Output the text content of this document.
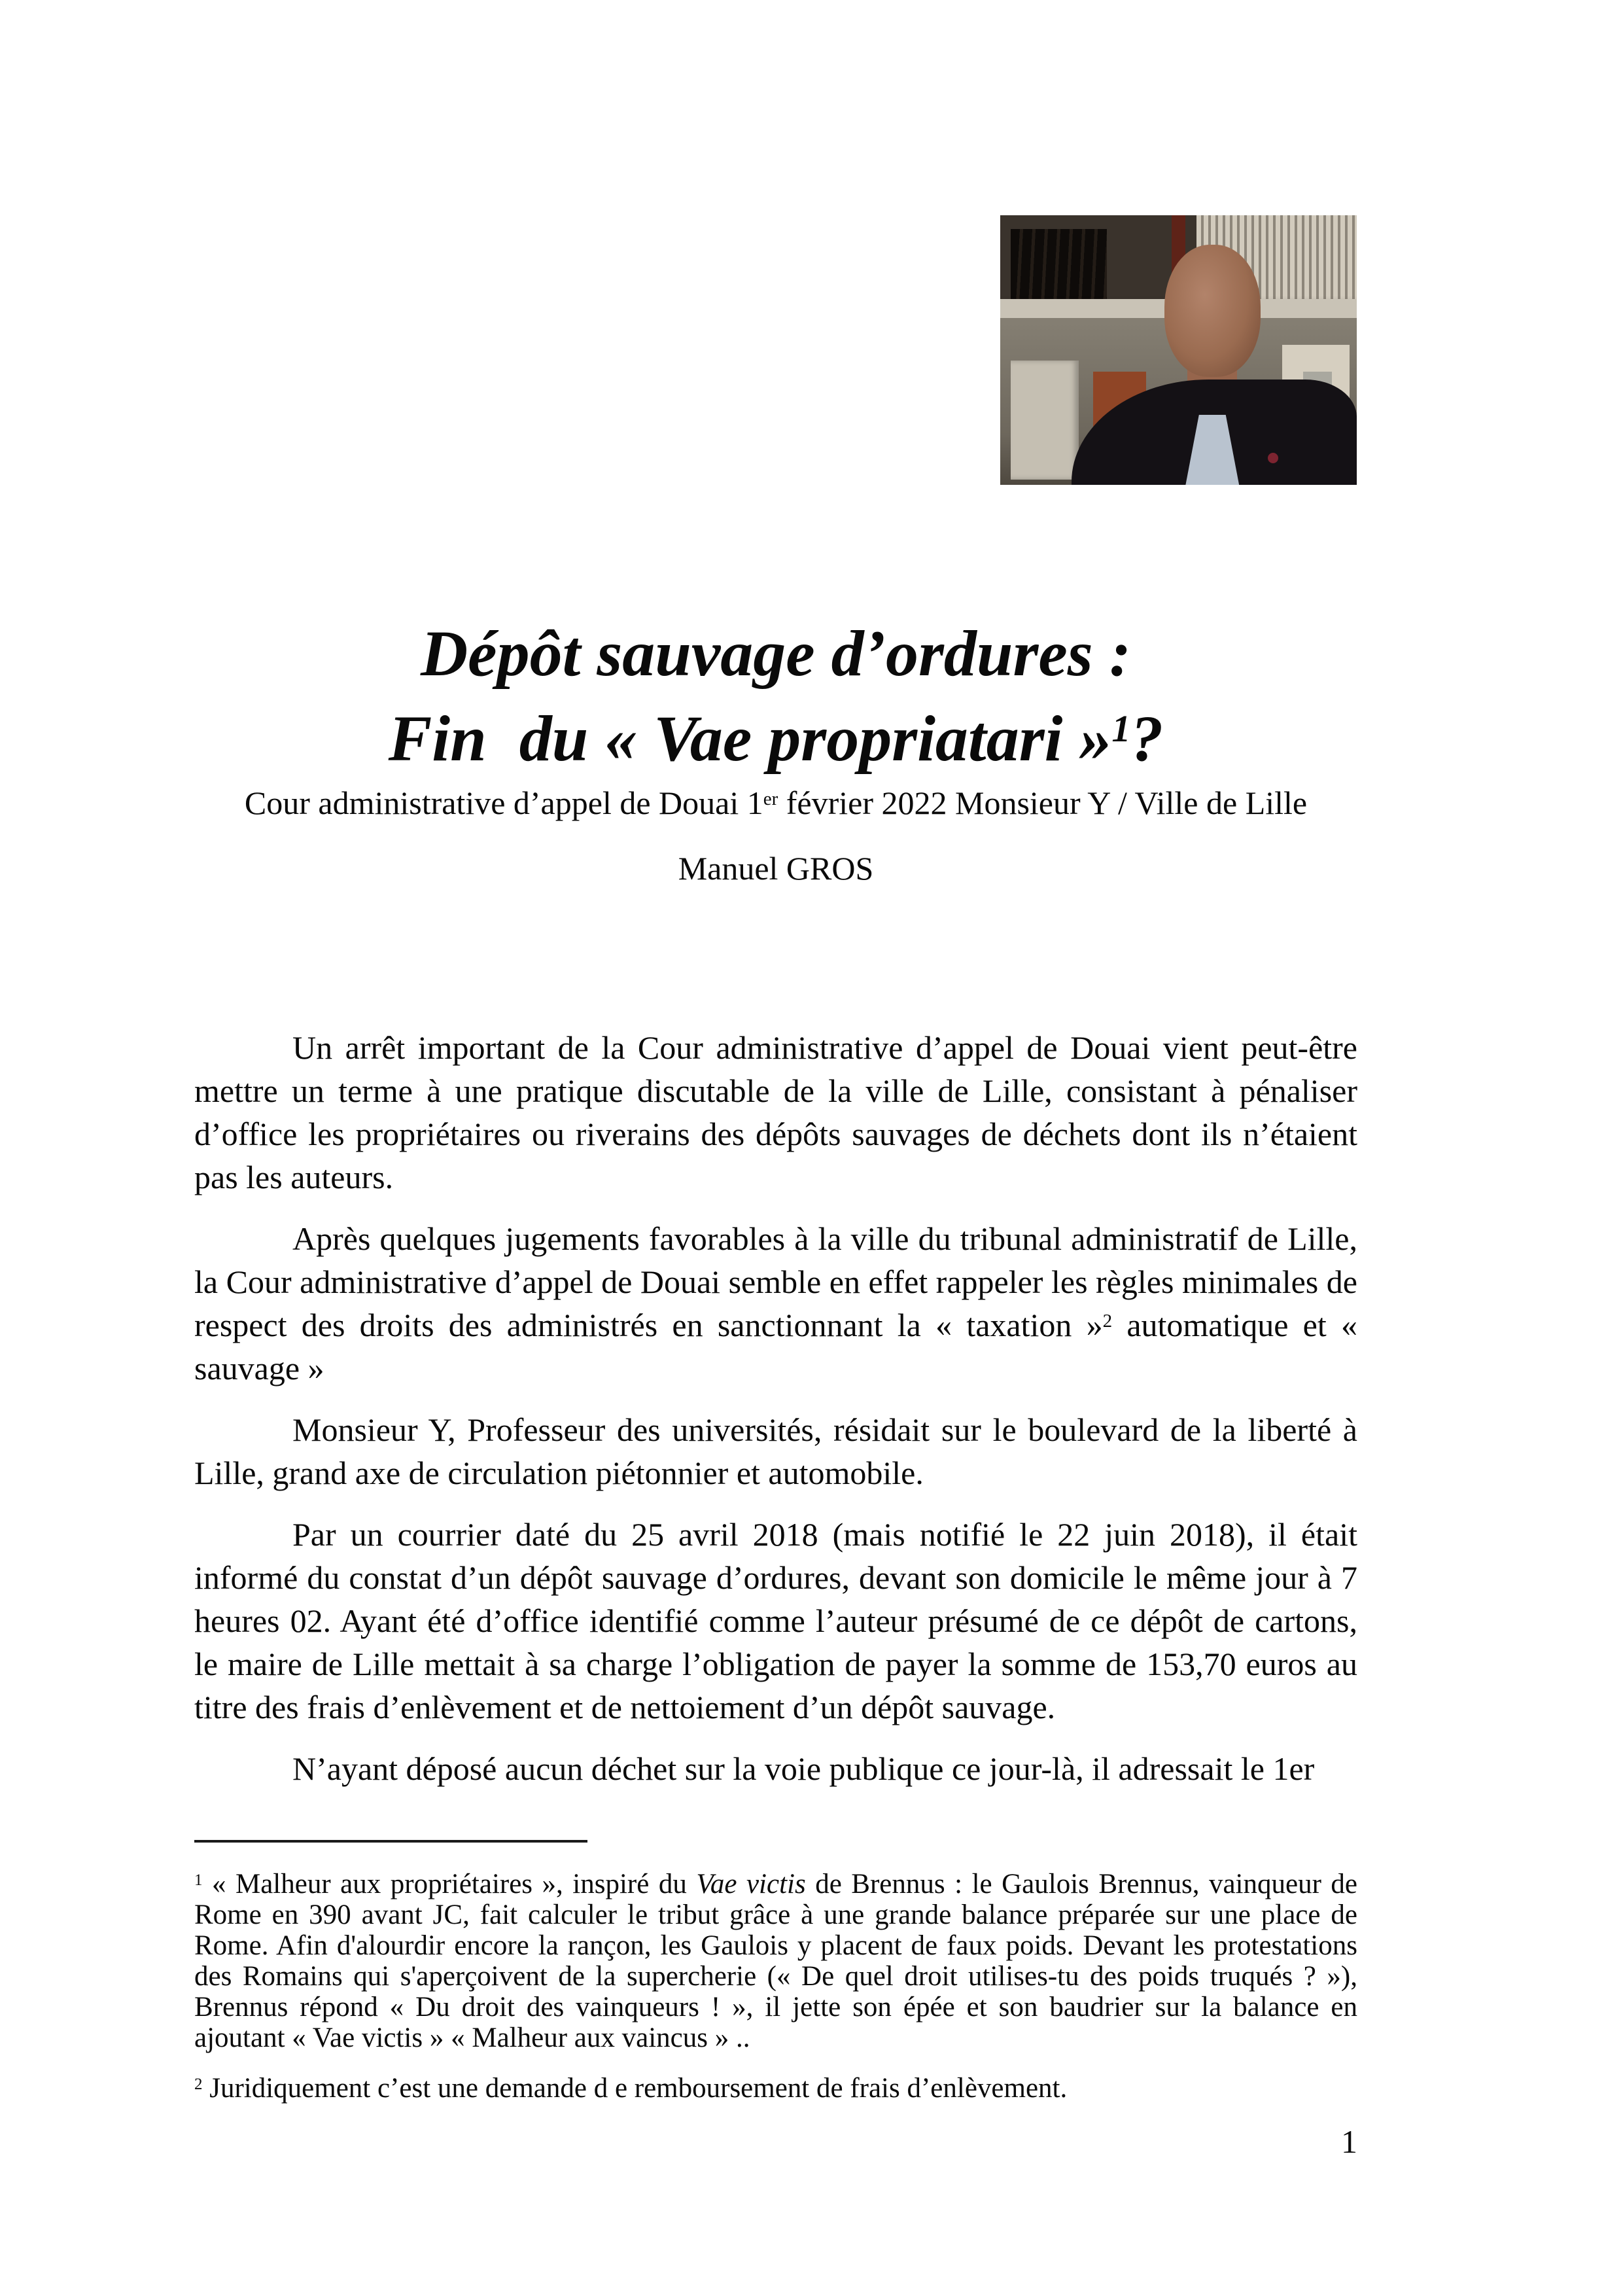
Dépôt sauvage d’ordures :
Fin  du « Vae propriatari »$^1$?
Cour administrative d’appel de Douai 1er février 2022 Monsieur Y / Ville de Lille
Manuel GROS

Un arrêt important de la Cour administrative d’appel de Douai vient peut-être mettre un terme à une pratique discutable de la ville de Lille, consistant à pénaliser d’office les propriétaires ou riverains des dépôts sauvages de déchets dont ils n’étaient pas les auteurs.

Après quelques jugements favorables à la ville du tribunal administratif de Lille, la Cour administrative d’appel de Douai semble en effet rappeler les règles minimales de respect des droits des administrés en sanctionnant la « taxation »$^2$ automatique et « sauvage »

Monsieur Y, Professeur des universités, résidait sur le boulevard de la liberté à Lille, grand axe de circulation piétonnier et automobile.

Par un courrier daté du 25 avril 2018 (mais notifié le 22 juin 2018), il était informé du constat d’un dépôt sauvage d’ordures, devant son domicile le même jour à 7 heures 02. Ayant été d’office identifié comme l’auteur présumé de ce dépôt de cartons, le maire de Lille mettait à sa charge l’obligation de payer la somme de 153,70 euros au titre des frais d’enlèvement et de nettoiement d’un dépôt sauvage.

N’ayant déposé aucun déchet sur la voie publique ce jour-là, il adressait le 1er

$^1$ « Malheur aux propriétaires », inspiré du Vae victis de Brennus : le Gaulois Brennus, vainqueur de Rome en 390 avant JC, fait calculer le tribut grâce à une grande balance préparée sur une place de Rome. Afin d'alourdir encore la rançon, les Gaulois y placent de faux poids. Devant les protestations des Romains qui s'aperçoivent de la supercherie (« De quel droit utilises-tu des poids truqués ? »), Brennus répond « Du droit des vainqueurs ! », il jette son épée et son baudrier sur la balance en ajoutant « Vae victis » « Malheur aux vaincus » ..

$^2$ Juridiquement c’est une demande d e remboursement de frais d’enlèvement.

1
